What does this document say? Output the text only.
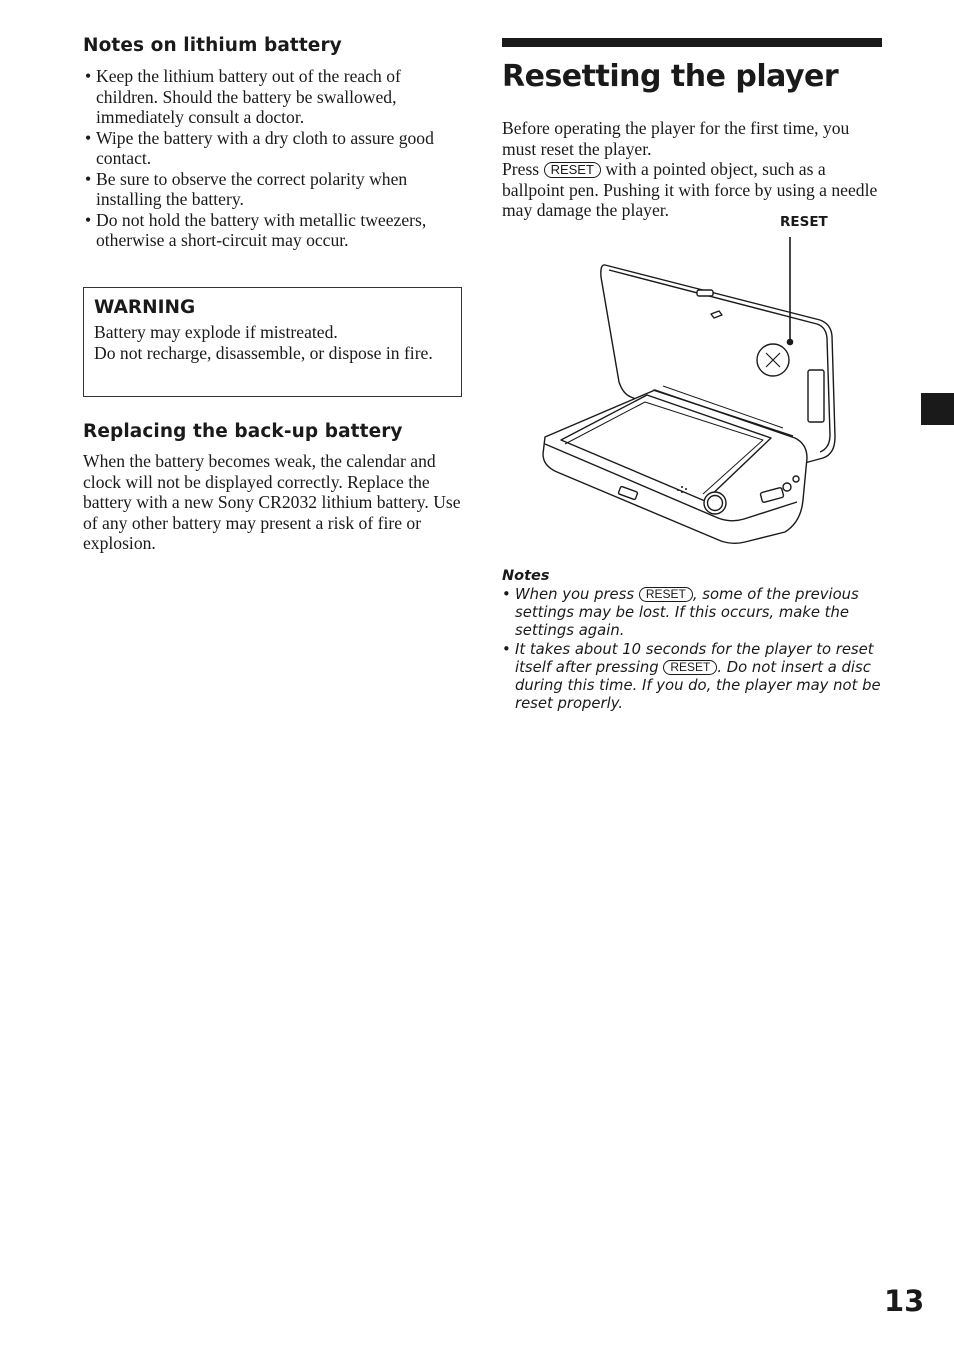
Notes on lithium battery
• Keep the lithium battery out of the reach of children. Should the battery be swallowed, immediately consult a doctor.
• Wipe the battery with a dry cloth to assure good contact.
• Be sure to observe the correct polarity when installing the battery.
• Do not hold the battery with metallic tweezers, otherwise a short-circuit may occur.
WARNING

Battery may explode if mistreated.
Do not recharge, disassemble, or dispose in fire.

Replacing the back-up battery

When the battery becomes weak, the calendar and clock will not be displayed correctly. Replace the battery with a new Sony CR2032 lithium battery. Use of any other battery may present a risk of fire or explosion.

Resetting the player

Before operating the player for the first time, you must reset the player.
Press RESET with a pointed object, such as a ballpoint pen. Pushing it with force by using a needle may damage the player.

RESET
Notes
• When you press RESET , some of the previous settings may be lost. If this occurs, make the settings again.
• It takes about 10 seconds for the player to reset itself after pressing RESET . Do not insert a disc during this time. If you do, the player may not be reset properly.
13
